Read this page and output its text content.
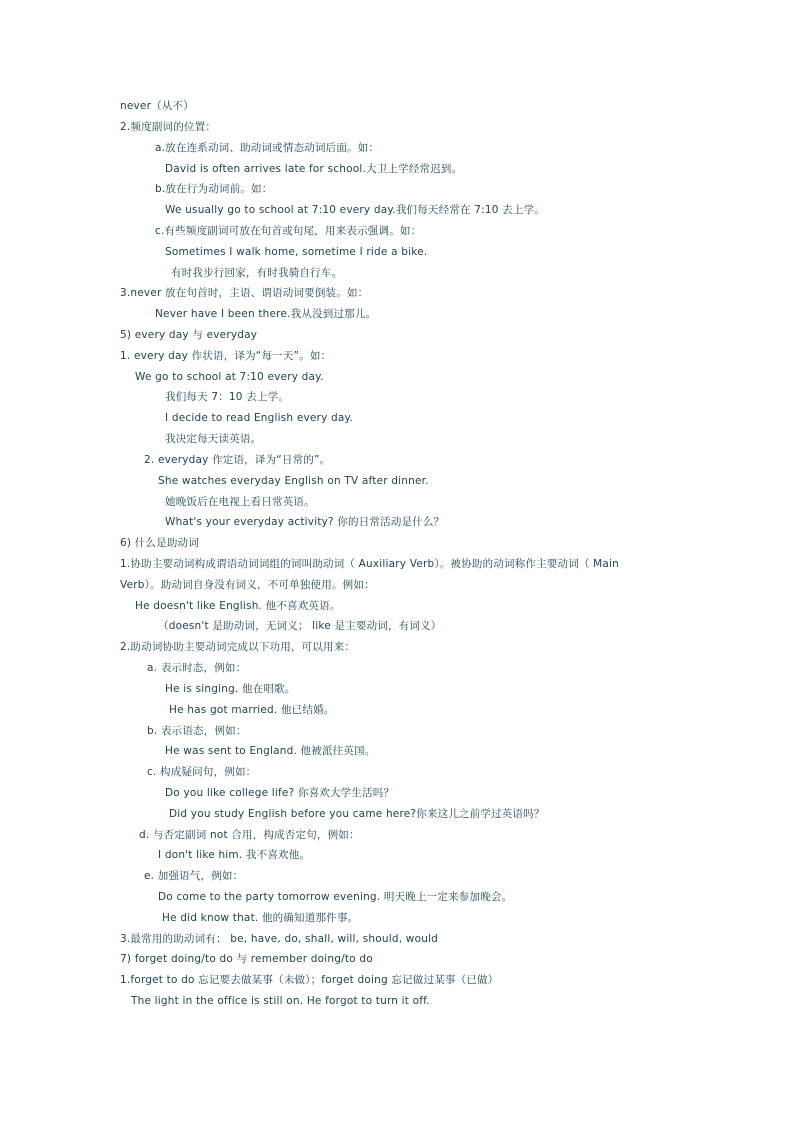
never（从不）
2.频度副词的位置：
a.放在连系动词、助动词或情态动词后面。如：
David is often arrives late for school.大卫上学经常迟到。
b.放在行为动词前。如：
We usually go to school at 7:10 every day.我们每天经常在 7:10 去上学。
c.有些频度副词可放在句首或句尾，用来表示强调。如：
Sometimes I walk home, sometime I ride a bike.
有时我步行回家，有时我骑自行车。
3.never 放在句首时，主语、谓语动词要倒装。如：
Never have I been there.我从没到过那儿。
5) every day 与 everyday
1. every day 作状语，译为“每一天”。如：
We go to school at 7:10 every day.
我们每天 7：10 去上学。
I decide to read English every day.
我决定每天读英语。
2. everyday 作定语，译为“日常的”。
She watches everyday English on TV after dinner.
她晚饭后在电视上看日常英语。
What's your everyday activity? 你的日常活动是什么？
6) 什么是助动词
1.协助主要动词构成谓语动词词组的词叫助动词（ Auxiliary Verb）。被协助的动词称作主要动词（ Main
Verb）。助动词自身没有词义，不可单独使用。例如：
He doesn't like English. 他不喜欢英语。
（doesn't 是助动词，无词义； like 是主要动词，有词义）
2.助动词协助主要动词完成以下功用，可以用来：
a. 表示时态，例如：
He is singing. 他在唱歌。
He has got married. 他已结婚。
b. 表示语态，例如：
He was sent to England. 他被派往英国。
c. 构成疑问句，例如：
Do you like college life? 你喜欢大学生活吗？
Did you study English before you came here?你来这儿之前学过英语吗？
d. 与否定副词 not 合用，构成否定句，例如：
I don't like him. 我不喜欢他。
e. 加强语气，例如：
Do come to the party tomorrow evening. 明天晚上一定来参加晚会。
He did know that. 他的确知道那件事。
3.最常用的助动词有： be, have, do, shall, will, should, would
7) forget doing/to do 与 remember doing/to do
1.forget to do 忘记要去做某事（未做）；forget doing 忘记做过某事（已做）
The light in the office is still on. He forgot to turn it off.
